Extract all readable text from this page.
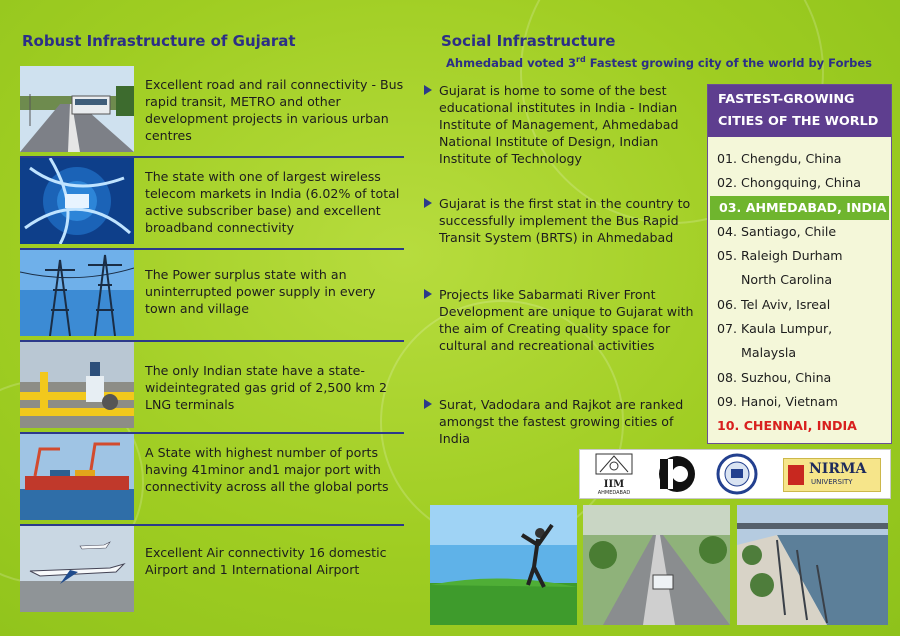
Robust Infrastructure of Gujarat	Social Infrastructure
Ahmedabad voted 3rd Fastest growing city of the world by Forbes
Excellent road and rail connectivity - Bus rapid transit, METRO and other development projects in various urban centres
The state with one of largest wireless telecom markets in India (6.02% of total active subscriber base) and excellent broadband connectivity
The Power surplus state with an uninterrupted power supply in every town and village
The only Indian state have a state-wideintegrated gas grid of 2,500 km 2 LNG terminals
A State with highest number of ports having 41minor and1 major port with connectivity across all the global ports
Excellent Air connectivity 16 domestic Airport and 1 International Airport
Gujarat is home to some of the best educational institutes in India - Indian Institute of Management, Ahmedabad National Institute of Design, Indian Institute of Technology
Gujarat is the first stat in the country to successfully implement the Bus Rapid Transit System (BRTS) in Ahmedabad
Projects like Sabarmati River Front Development are unique to Gujarat with the aim of Creating quality space for cultural and recreational activities
Surat, Vadodara and Rajkot are ranked amongst the fastest growing cities of India
FASTEST-GROWING
CITIES OF THE WORLD
01. Chengdu, China
02. Chongquing, China
03. AHMEDABAD, INDIA
04. Santiago, Chile
05. Raleigh Durham
North Carolina
06. Tel Aviv, Isreal
07. Kaula Lumpur,
Malaysla
08. Suzhou, China
09. Hanoi, Vietnam
10. CHENNAI, INDIA
IIM
AHMEDABAD
NIRMA
UNIVERSITY
